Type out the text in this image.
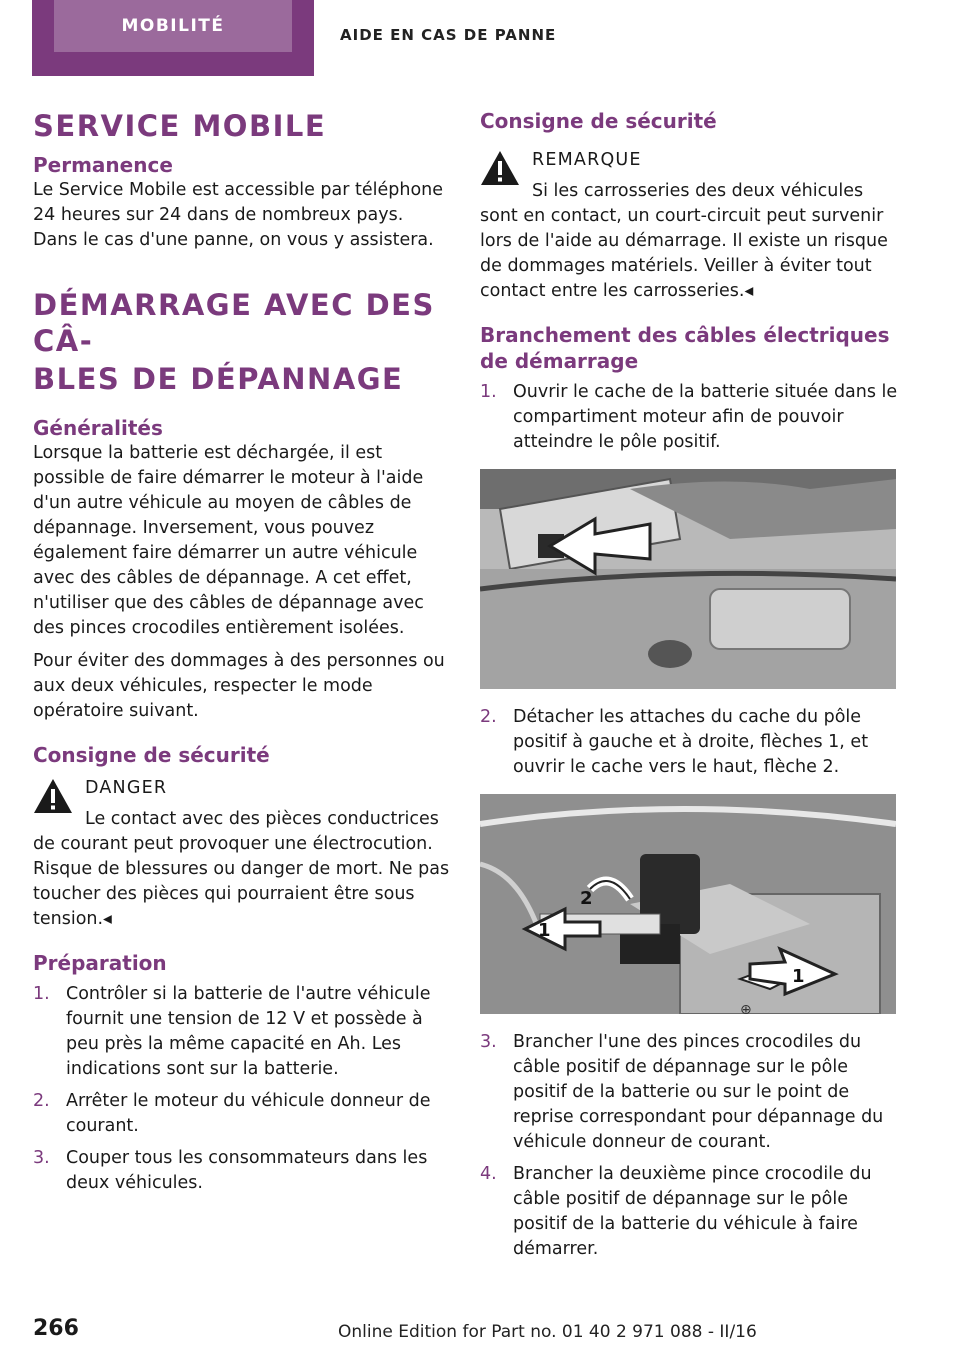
MOBILITÉ	AIDE EN CAS DE PANNE
SERVICE MOBILE
Permanence

Le Service Mobile est accessible par téléphone 24 heures sur 24 dans de nombreux pays. Dans le cas d'une panne, on vous y assistera.

DÉMARRAGE AVEC DES CÂ-
BLES DE DÉPANNAGE
Généralités

Lorsque la batterie est déchargée, il est possible de faire démarrer le moteur à l'aide d'un autre véhicule au moyen de câbles de dépannage. Inversement, vous pouvez également faire démarrer un autre véhicule avec des câbles de dépannage. A cet effet, n'utiliser que des câbles de dépannage avec des pinces crocodiles entièrement isolées.

Pour éviter des dommages à des personnes ou aux deux véhicules, respecter le mode opératoire suivant.

Consigne de sécurité
DANGER

Le contact avec des pièces conductrices de courant peut provoquer une électrocution. Risque de blessures ou danger de mort. Ne pas toucher des pièces qui pourraient être sous tension.◂

Préparation
1. Contrôler si la batterie de l'autre véhicule fournit une tension de 12 V et possède à peu près la même capacité en Ah. Les indications sont sur la batterie.
2. Arrêter le moteur du véhicule donneur de courant.
3. Couper tous les consommateurs dans les deux véhicules.
Consigne de sécurité
REMARQUE

Si les carrosseries des deux véhicules sont en contact, un court-circuit peut survenir lors de l'aide au démarrage. Il existe un risque de dommages matériels. Veiller à éviter tout contact entre les carrosseries.◂

Branchement des câbles électriques de démarrage
1. Ouvrir le cache de la batterie située dans le compartiment moteur afin de pouvoir atteindre le pôle positif.
2. Détacher les attaches du cache du pôle positif à gauche et à droite, flèches 1, et ouvrir le cache vers le haut, flèche 2.
1
1
2
⊕
3. Brancher l'une des pinces crocodiles du câble positif de dépannage sur le pôle positif de la batterie ou sur le point de reprise correspondant pour dépannage du véhicule donneur de courant.
4. Brancher la deuxième pince crocodile du câble positif de dépannage sur le pôle positif de la batterie du véhicule à faire démarrer.
266	Online Edition for Part no. 01 40 2 971 088 - II/16
